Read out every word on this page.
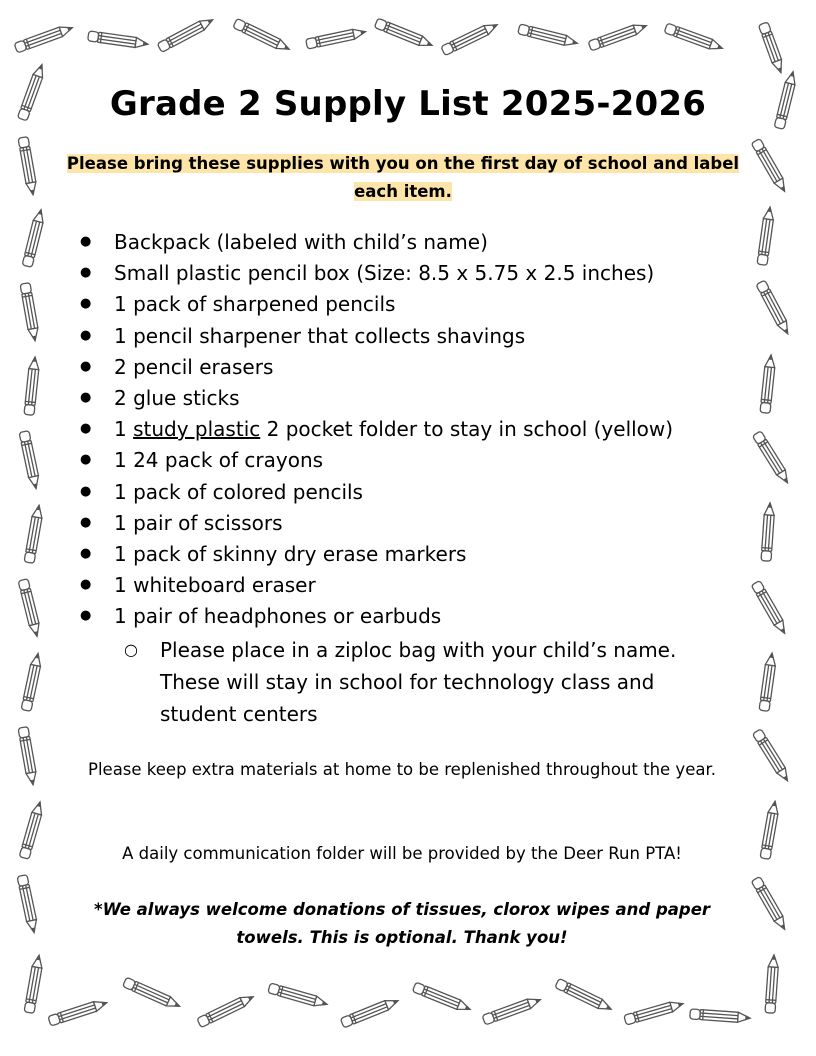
Grade 2 Supply List 2025-2026
Please bring these supplies with you on the first day of school and label each item.
● Backpack (labeled with child’s name)
● Small plastic pencil box (Size: 8.5 x 5.75 x 2.5 inches)
● 1 pack of sharpened pencils
● 1 pencil sharpener that collects shavings
● 2 pencil erasers
● 2 glue sticks
● 1 study plastic 2 pocket folder to stay in school (yellow)
● 1 24 pack of crayons
● 1 pack of colored pencils
● 1 pair of scissors
● 1 pack of skinny dry erase markers
● 1 whiteboard eraser
● 1 pair of headphones or earbuds
○ Please place in a ziploc bag with your child’s name. These will stay in school for technology class and student centers
Please keep extra materials at home to be replenished throughout the year.
A daily communication folder will be provided by the Deer Run PTA!
*We always welcome donations of tissues, clorox wipes and paper towels. This is optional. Thank you!
